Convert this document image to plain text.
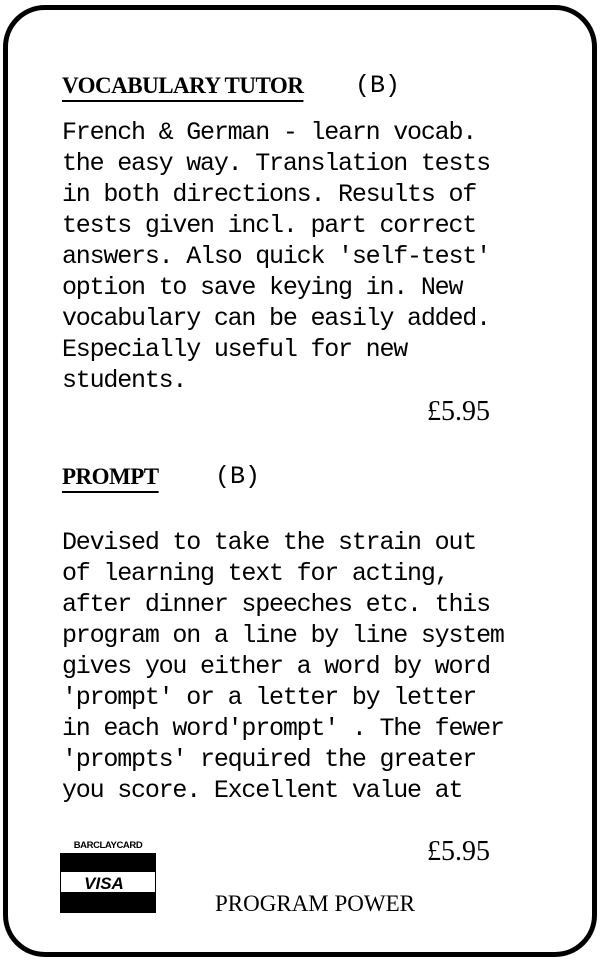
VOCABULARY TUTOR (B)
French & German - learn vocab.
the easy way. Translation tests
in both directions. Results of
tests given incl. part correct
answers. Also quick 'self-test'
option to save keying in. New
vocabulary can be easily added.
Especially useful for new
students.
£5.95
PROMPT (B)
Devised to take the strain out
of learning text for acting,
after dinner speeches etc. this
program on a line by line system
gives you either a word by word
'prompt' or a letter by letter
in each word'prompt' . The fewer
'prompts' required the greater
you score. Excellent value at
£5.95
BARCLAYCARD
VISA
PROGRAM POWER
